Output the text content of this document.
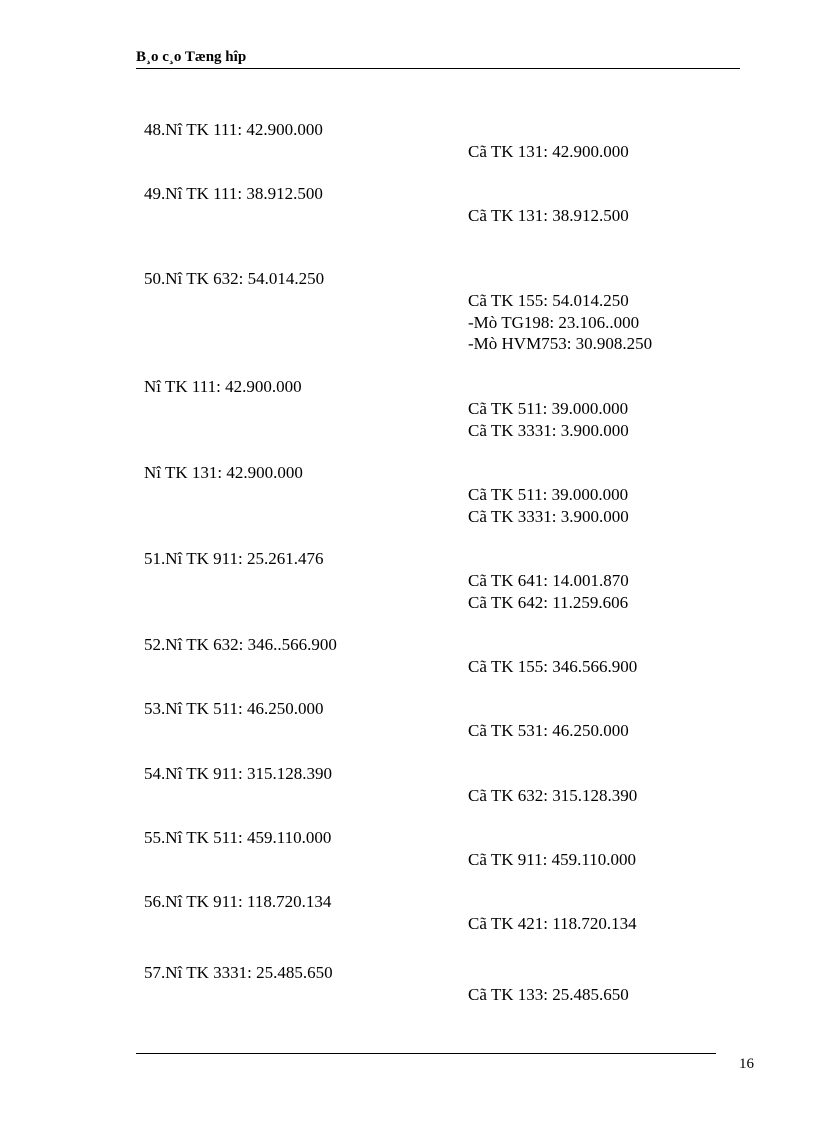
B¸o c¸o Tæng hîp
48.Nî TK 111: 42.900.000
Cã TK 131: 42.900.000
49.Nî TK 111: 38.912.500
Cã TK 131: 38.912.500
50.Nî TK 632: 54.014.250
Cã TK 155: 54.014.250
-Mò TG198: 23.106..000
-Mò HVM753: 30.908.250
Nî TK 111: 42.900.000
Cã TK 511: 39.000.000
Cã TK 3331: 3.900.000
Nî TK 131: 42.900.000
Cã TK 511: 39.000.000
Cã TK 3331: 3.900.000
51.Nî TK 911: 25.261.476
Cã TK 641: 14.001.870
Cã TK 642: 11.259.606
52.Nî TK 632: 346..566.900
Cã TK 155: 346.566.900
53.Nî TK 511: 46.250.000
Cã TK 531: 46.250.000
54.Nî TK 911: 315.128.390
Cã TK 632: 315.128.390
55.Nî TK 511: 459.110.000
Cã TK 911: 459.110.000
56.Nî TK 911: 118.720.134
Cã TK 421: 118.720.134
57.Nî TK 3331: 25.485.650
Cã TK 133: 25.485.650
16
